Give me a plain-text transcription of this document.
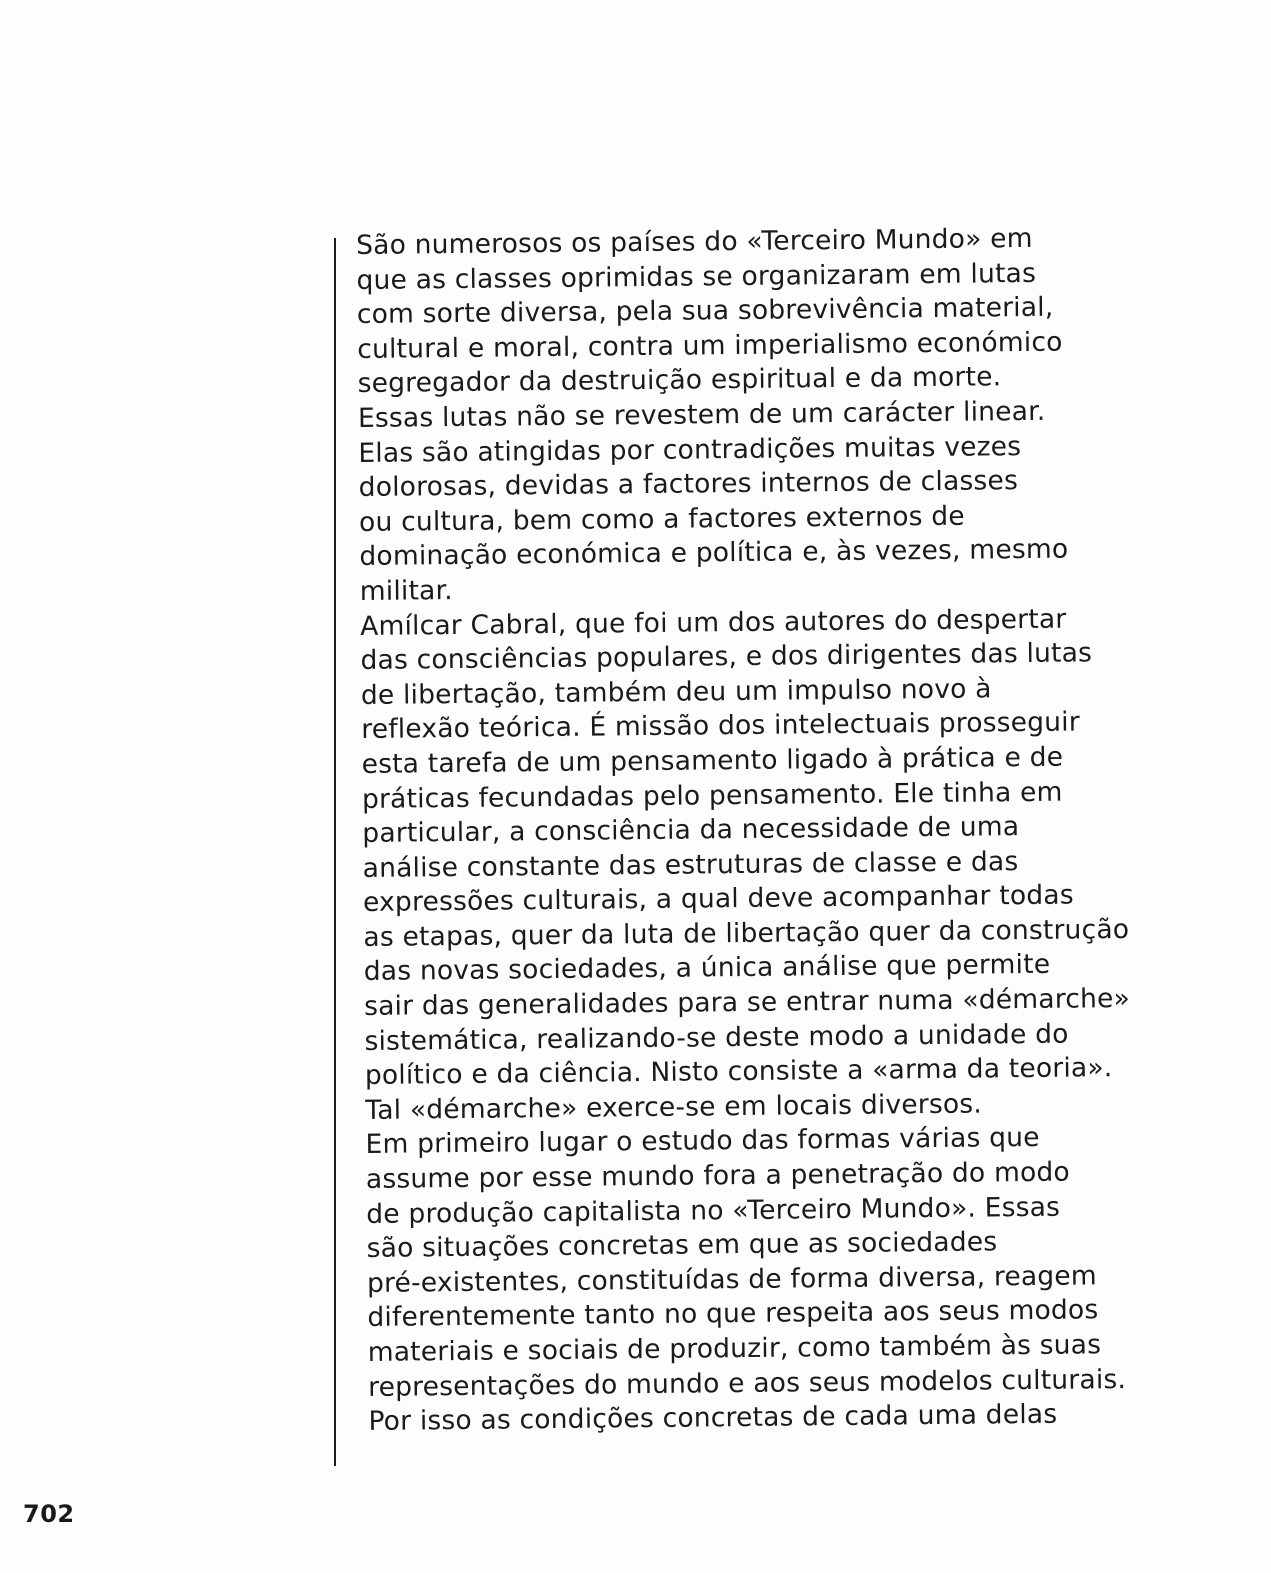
São numerosos os países do «Terceiro Mundo» em
que as classes oprimidas se organizaram em lutas
com sorte diversa, pela sua sobrevivência material,
cultural e moral, contra um imperialismo económico
segregador da destruição espiritual e da morte.
Essas lutas não se revestem de um carácter linear.
Elas são atingidas por contradições muitas vezes
dolorosas, devidas a factores internos de classes
ou cultura, bem como a factores externos de
dominação económica e política e, às vezes, mesmo
militar.
Amílcar Cabral, que foi um dos autores do despertar
das consciências populares, e dos dirigentes das lutas
de libertação, também deu um impulso novo à
reflexão teórica. É missão dos intelectuais prosseguir
esta tarefa de um pensamento ligado à prática e de
práticas fecundadas pelo pensamento. Ele tinha em
particular, a consciência da necessidade de uma
análise constante das estruturas de classe e das
expressões culturais, a qual deve acompanhar todas
as etapas, quer da luta de libertação quer da construção
das novas sociedades, a única análise que permite
sair das generalidades para se entrar numa «démarche»
sistemática, realizando-se deste modo a unidade do
político e da ciência. Nisto consiste a «arma da teoria».
Tal «démarche» exerce-se em locais diversos.
Em primeiro lugar o estudo das formas várias que
assume por esse mundo fora a penetração do modo
de produção capitalista no «Terceiro Mundo». Essas
são situações concretas em que as sociedades
pré-existentes, constituídas de forma diversa, reagem
diferentemente tanto no que respeita aos seus modos
materiais e sociais de produzir, como também às suas
representações do mundo e aos seus modelos culturais.
Por isso as condições concretas de cada uma delas
702
